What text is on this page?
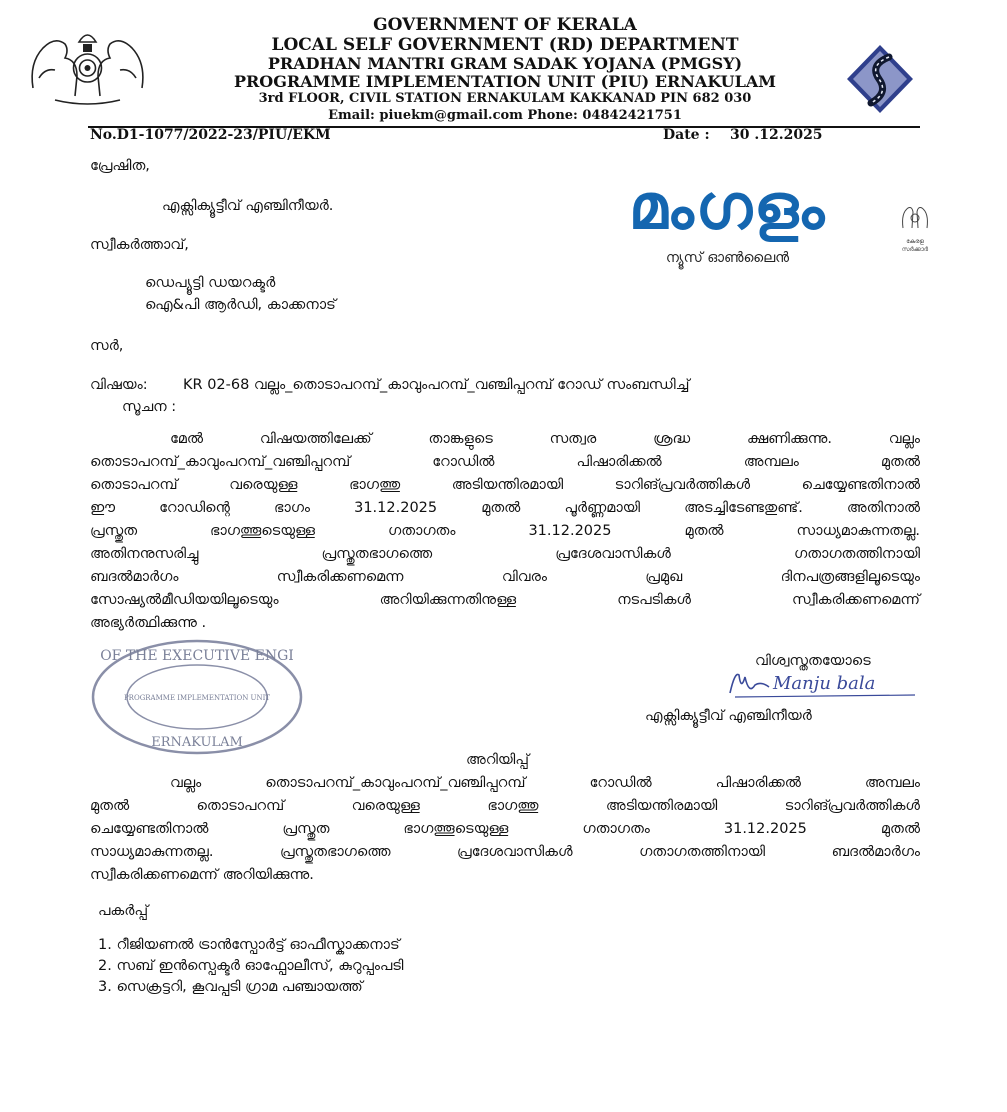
GOVERNMENT OF KERALA
LOCAL SELF GOVERNMENT (RD) DEPARTMENT
PRADHAN MANTRI GRAM SADAK YOJANA (PMGSY)
PROGRAMME IMPLEMENTATION UNIT (PIU) ERNAKULAM
3rd FLOOR, CIVIL STATION ERNAKULAM KAKKANAD PIN 682 030
Email: piuekm@gmail.com Phone: 04842421751
No.D1-1077/2022-23/PIU/EKM	Date : 30 .12.2025
മംഗളം
ന്യൂസ് ഓൺലൈൻ
കേരള സർക്കാർ
പ്രേഷിത,
എക്സിക്യൂട്ടീവ് എഞ്ചിനീയർ.
സ്വീകർത്താവ്,
ഡെപ്യൂട്ടി ഡയറക്ടർ
ഐ&പി ആർഡി, കാക്കനാട്
സർ,
വിഷയം: KR 02-68 വല്ലം_തൊടാപറമ്പ്_കാവുംപറമ്പ്_വഞ്ചിപ്പറമ്പ് റോഡ് സംബന്ധിച്ച്
സൂചന :
മേൽ വിഷയത്തിലേക്ക് താങ്കളുടെ സത്വര ശ്രദ്ധ ക്ഷണിക്കുന്നു. വല്ലം
തൊടാപറമ്പ്_കാവുംപറമ്പ്_വഞ്ചിപ്പറമ്പ് റോഡിൽ പിഷാരിക്കൽ അമ്പലം മുതൽ
തൊടാപറമ്പ് വരെയുള്ള ഭാഗത്തു അടിയന്തിരമായി ടാറിങ്പ്രവർത്തികൾ ചെയ്യേണ്ടതിനാൽ
ഈ റോഡിന്റെ ഭാഗം 31.12.2025 മുതൽ പൂർണ്ണമായി അടച്ചിടേണ്ടതുണ്ട്. അതിനാൽ
പ്രസ്തുത ഭാഗത്തൂടെയുള്ള ഗതാഗതം 31.12.2025 മുതൽ സാധ്യമാകുന്നതല്ല.
അതിനനുസരിച്ചു പ്രസ്തുതഭാഗത്തെ പ്രദേശവാസികൾ ഗതാഗതത്തിനായി
ബദൽമാർഗം സ്വീകരിക്കണമെന്ന വിവരം പ്രമുഖ ദിനപത്രങ്ങളിലൂടെയും
സോഷ്യൽമീഡിയയിലൂടെയും അറിയിക്കുന്നതിനുള്ള നടപടികൾ സ്വീകരിക്കണമെന്ന്
അഭ്യർത്ഥിക്കുന്നു .
വിശ്വസ്തതയോടെ
Manju bala
എക്സിക്യൂട്ടീവ് എഞ്ചിനീയർ
OF THE EXECUTIVE ENGI
PROGRAMME IMPLEMENTATION UNIT
ERNAKULAM
അറിയിപ്പ്
വല്ലം തൊടാപറമ്പ്_കാവുംപറമ്പ്_വഞ്ചിപ്പറമ്പ് റോഡിൽ പിഷാരിക്കൽ അമ്പലം
മുതൽ തൊടാപറമ്പ് വരെയുള്ള ഭാഗത്തു അടിയന്തിരമായി ടാറിങ്പ്രവർത്തികൾ
ചെയ്യേണ്ടതിനാൽ പ്രസ്തുത ഭാഗത്തൂടെയുള്ള ഗതാഗതം 31.12.2025 മുതൽ
സാധ്യമാകുന്നതല്ല. പ്രസ്തുതഭാഗത്തെ പ്രദേശവാസികൾ ഗതാഗതത്തിനായി ബദൽമാർഗം
സ്വീകരിക്കണമെന്ന് അറിയിക്കുന്നു.
പകർപ്പ്
1. റീജിയണൽ ട്രാൻസ്പോർട്ട് ഓഫീസ്കാക്കനാട്
2. സബ് ഇൻസ്പെക്ടർ ഓഫ്പോലീസ്, കുറുപ്പംപടി
3. സെക്രട്ടറി, കൂവപ്പടി ഗ്രാമ പഞ്ചായത്ത്
